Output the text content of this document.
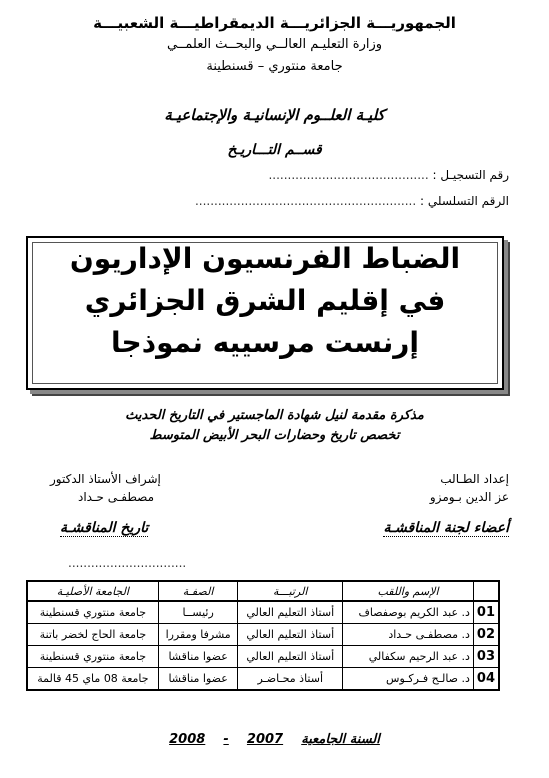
الجمهوريـــة الجزائريـــة الديمقراطيـــة الشعبيـــة
وزارة التعليـم العالــي والبحــث العلمــي
جامعة منتوري – قسنطينة
كليـة العلــوم الإنسانيـة والإجتماعيـة
قســم التـــاريـخ
رقم التسجيـل : ..........................................
الرقم التسلسلي : ..........................................................
الضباط الفرنسيون الإداريون
في إقليم الشرق الجزائري
إرنست مرسييه نموذجا
مذكرة مقدمة لنيل شهادة الماجستير في التاريخ الحديث
تخصص تاريخ وحضارات البحر الأبيض المتوسط
إعداد الطـالب
عز الدين بـومزو
إشراف الأستاذ الدكتور
مصطفـى حـداد
أعضاء لجنة المناقشـة
تاريخ المناقشـة
...............................
	الإسم واللقب	الرتبـــة	الصفـة	الجامعة الأصليـة
01	د. عبد الكريم بوصفصاف	أستاذ التعليم العالي	رئيســا	جامعة منتوري قسنطينة
02	د. مصطفـى حـداد	أستاذ التعليم العالي	مشرفا ومقررا	جامعة الحاج لخضر باتنة
03	د. عبد الرحيم سكفالي	أستاذ التعليم العالي	عضوا مناقشا	جامعة منتوري قسنطينة
04	د. صالـح فـركـوس	أستاذ محـاضـر	عضوا مناقشا	جامعة 08 ماي 45 قالمة
السنة الجامعية    2007    -    2008
